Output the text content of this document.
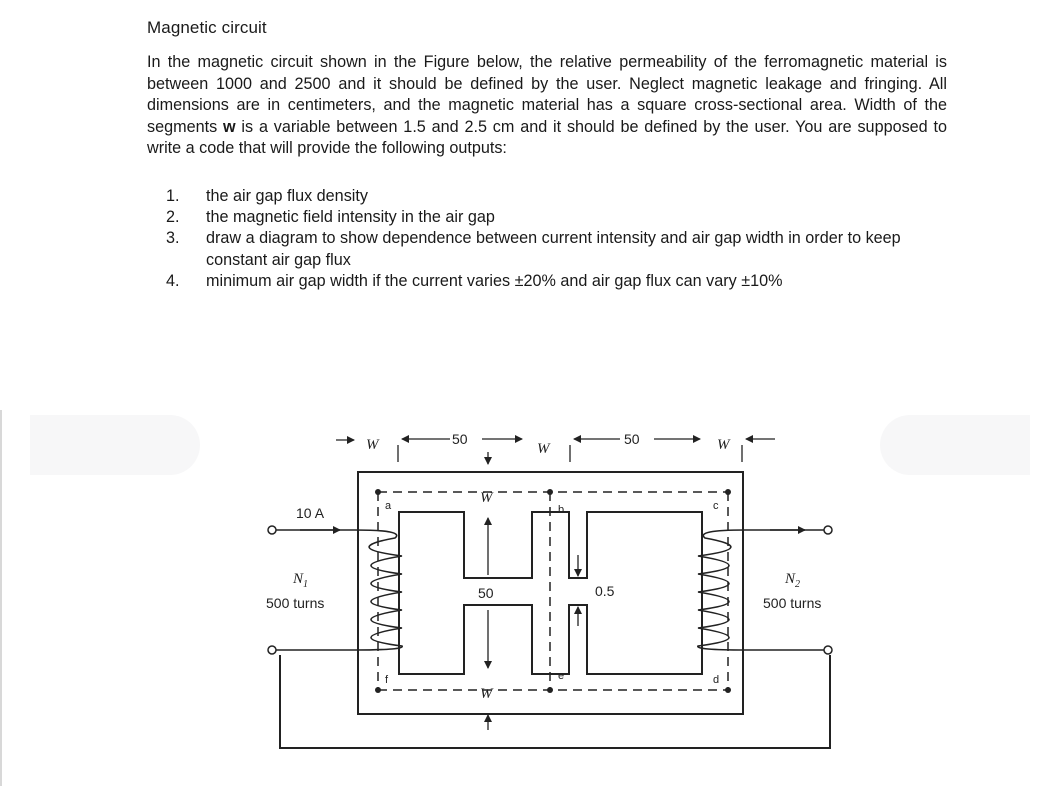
Magnetic circuit
In the magnetic circuit shown in the Figure below, the relative permeability of the ferromagnetic material is between 1000 and 2500 and it should be defined by the user. Neglect magnetic leakage and fringing. All dimensions are in centimeters, and the magnetic material has a square cross-sectional area. Width of the segments w is a variable between 1.5 and 2.5 cm and it should be defined by the user. You are supposed to write a code that will provide the following outputs:
1. the air gap flux density
2. the magnetic field intensity in the air gap
3. draw a diagram to show dependence between current intensity and air gap width in order to keep constant air gap flux
4. minimum air gap width if the current varies ±20% and air gap flux can vary ±10%
a	b	c
d
e
f
10 A
$N_1$
500 turns
$N_2$
500 turns
W	50
W
50	W
W
W
50	0.5
